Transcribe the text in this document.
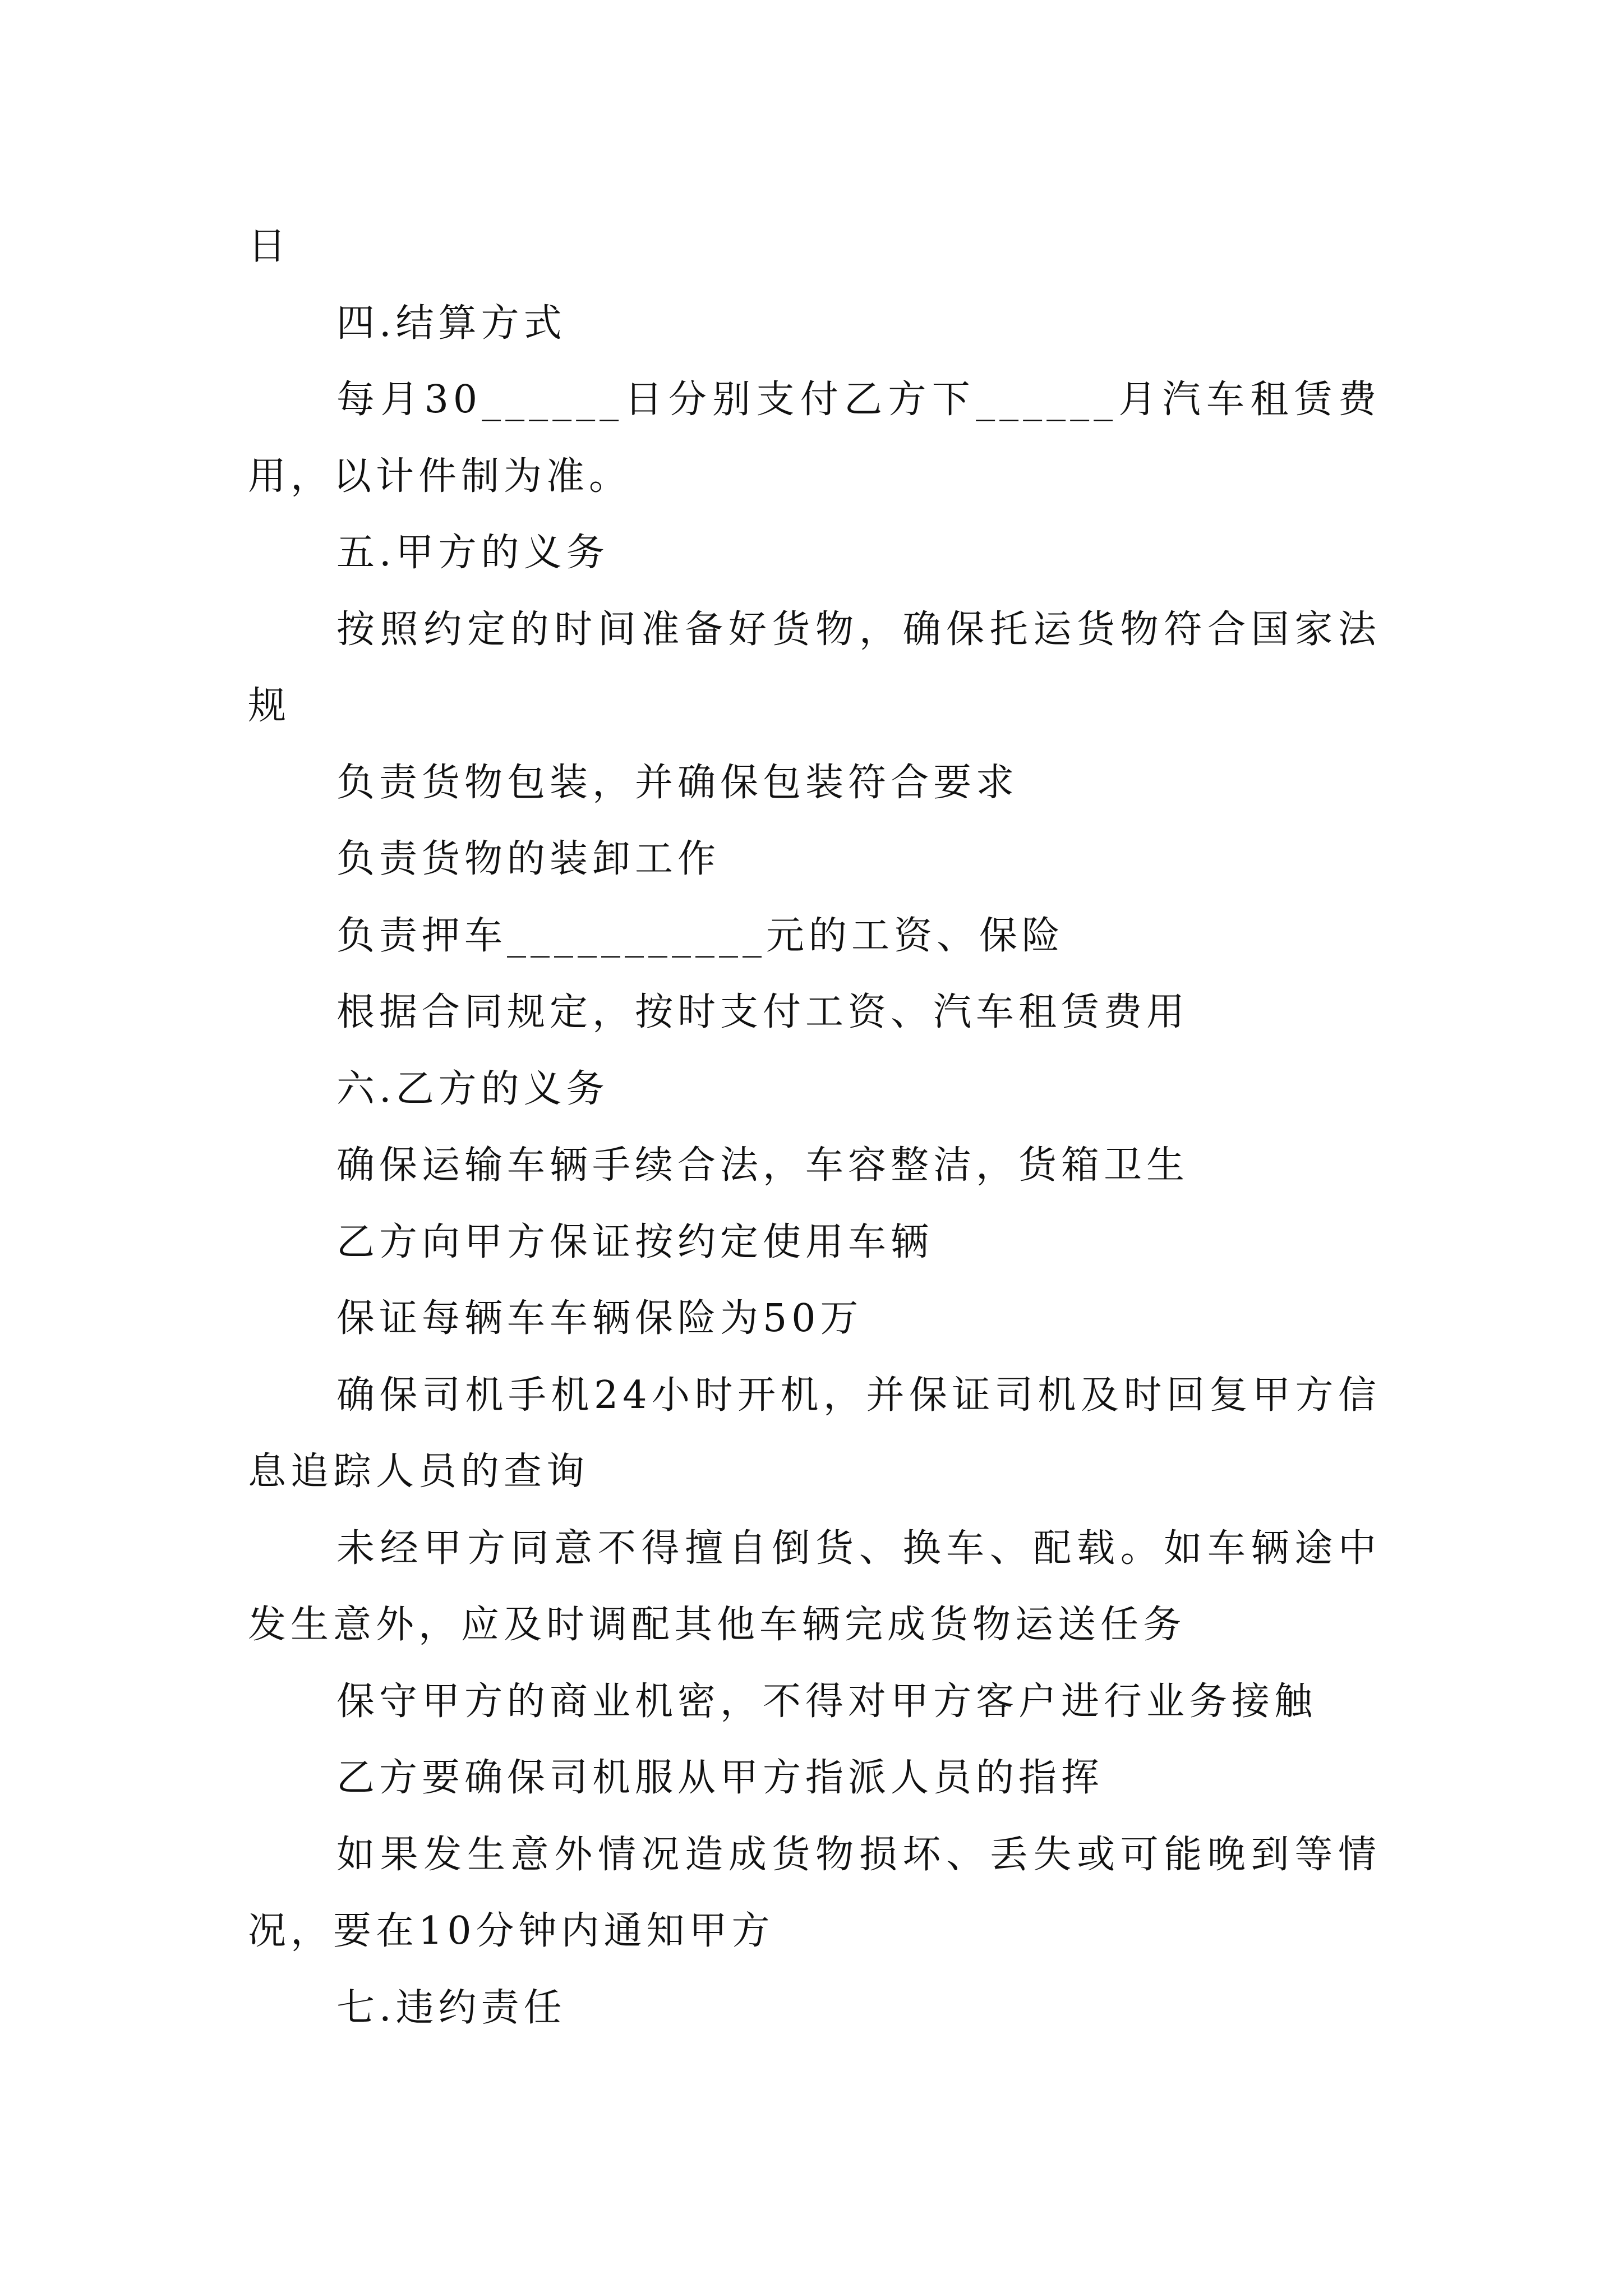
日

四.结算方式

每月30______日分别支付乙方下______月汽车租赁费用，以计件制为准。

五.甲方的义务

按照约定的时间准备好货物，确保托运货物符合国家法规

负责货物包装，并确保包装符合要求

负责货物的装卸工作

负责押车___________元的工资、保险

根据合同规定，按时支付工资、汽车租赁费用

六.乙方的义务

确保运输车辆手续合法，车容整洁，货箱卫生

乙方向甲方保证按约定使用车辆

保证每辆车车辆保险为50万

确保司机手机24小时开机，并保证司机及时回复甲方信息追踪人员的查询

未经甲方同意不得擅自倒货、换车、配载。如车辆途中发生意外，应及时调配其他车辆完成货物运送任务

保守甲方的商业机密，不得对甲方客户进行业务接触

乙方要确保司机服从甲方指派人员的指挥

如果发生意外情况造成货物损坏、丢失或可能晚到等情况，要在10分钟内通知甲方

七.违约责任
